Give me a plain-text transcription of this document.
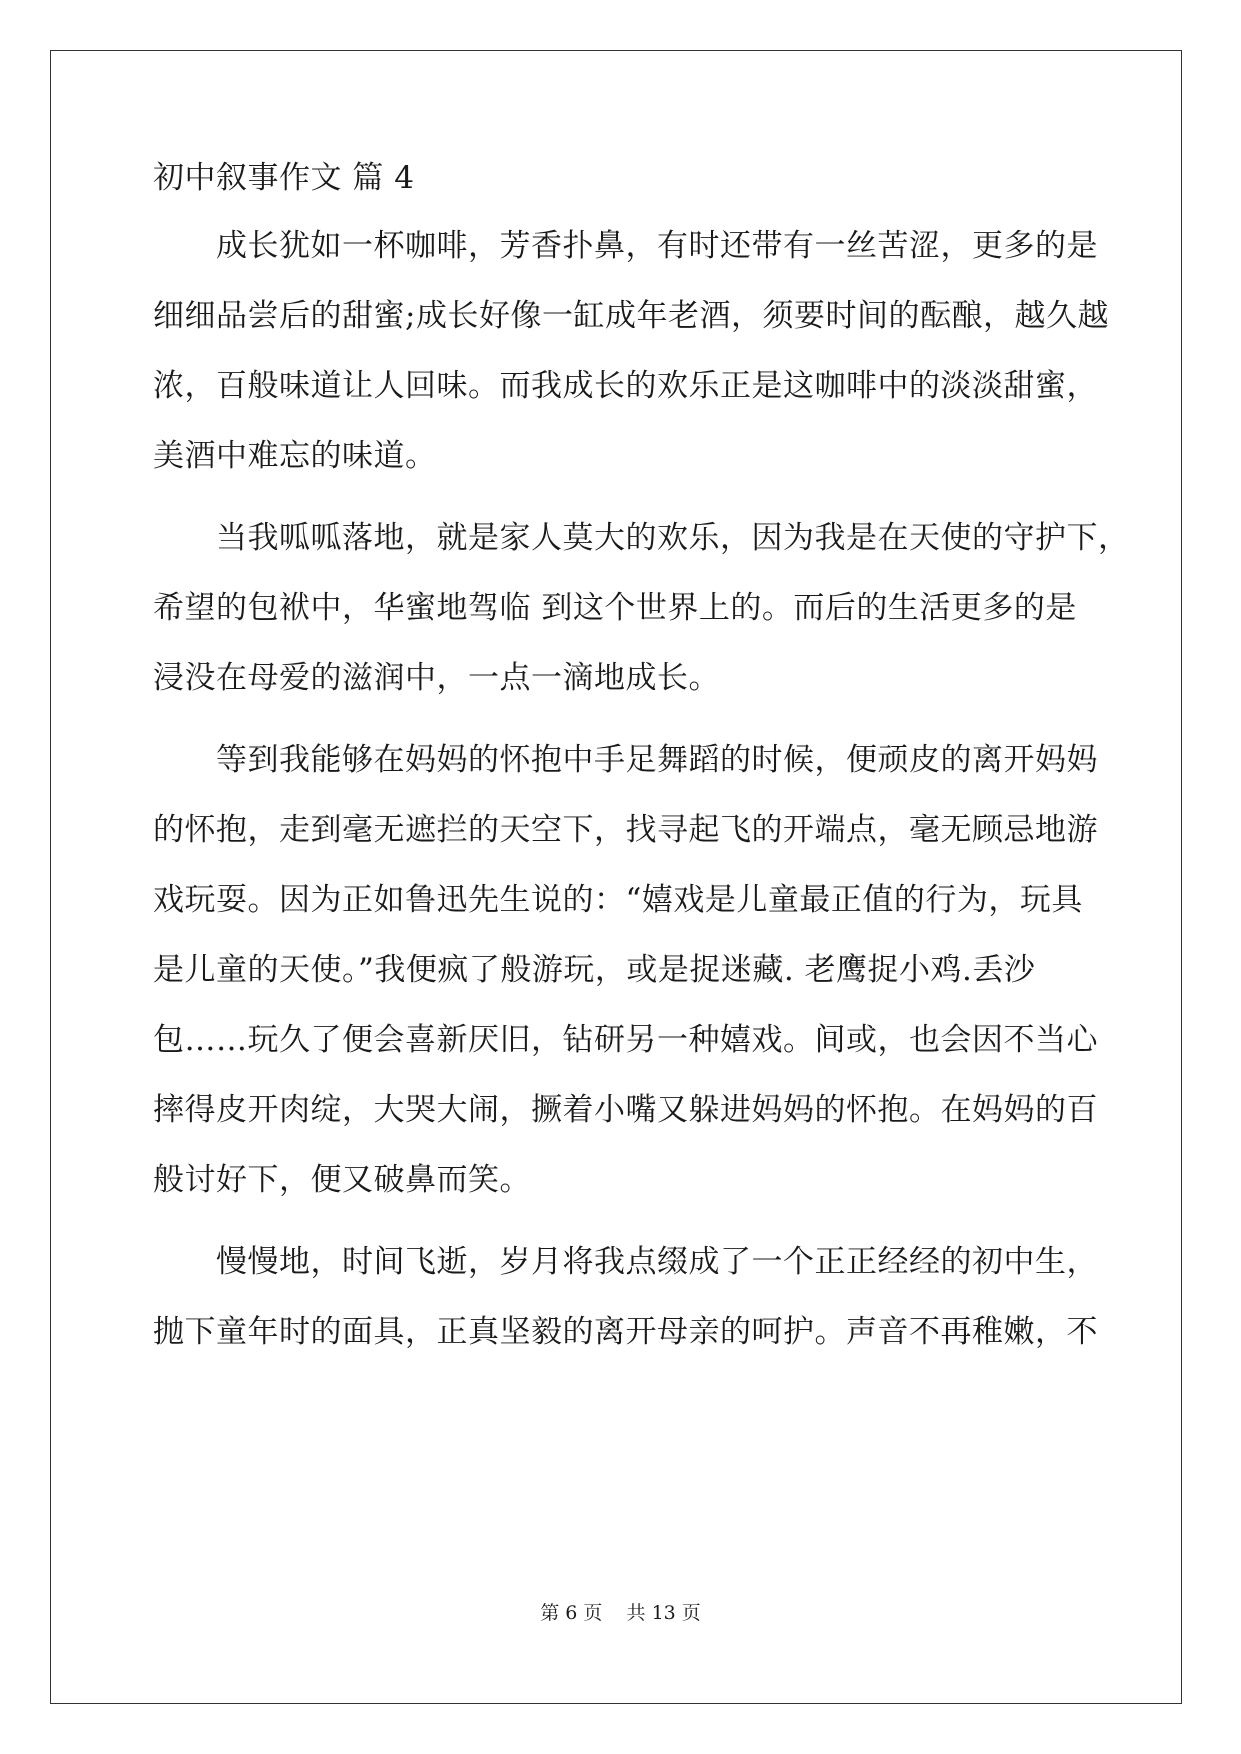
初中叙事作文 篇 4
成长犹如一杯咖啡，芳香扑鼻，有时还带有一丝苦涩，更多的是
细细品尝后的甜蜜;成长好像一缸成年老酒，须要时间的酝酿，越久越
浓，百般味道让人回味。而我成长的欢乐正是这咖啡中的淡淡甜蜜，
美酒中难忘的味道。
当我呱呱落地，就是家人莫大的欢乐，因为我是在天使的守护下，
希望的包袱中，华蜜地驾临 到这个世界上的。而后的生活更多的是
浸没在母爱的滋润中，一点一滴地成长。
等到我能够在妈妈的怀抱中手足舞蹈的时候，便顽皮的离开妈妈
的怀抱，走到毫无遮拦的天空下，找寻起飞的开端点，毫无顾忌地游
戏玩耍。因为正如鲁迅先生说的：“嬉戏是儿童最正值的行为，玩具
是儿童的天使。”我便疯了般游玩，或是捉迷藏. 老鹰捉小鸡.丢沙
包……玩久了便会喜新厌旧，钻研另一种嬉戏。间或，也会因不当心
摔得皮开肉绽，大哭大闹，撅着小嘴又躲进妈妈的怀抱。在妈妈的百
般讨好下，便又破鼻而笑。
慢慢地，时间飞逝，岁月将我点缀成了一个正正经经的初中生，
抛下童年时的面具，正真坚毅的离开母亲的呵护。声音不再稚嫩，不
第 6 页 共 13 页
